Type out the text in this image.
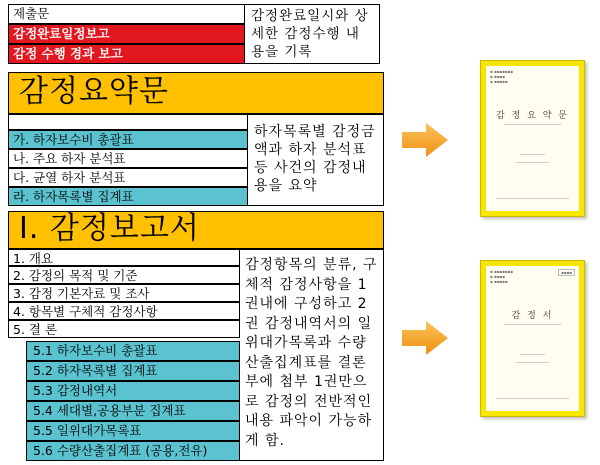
제출문
감정완료일정보고
감정 수행 경과 보고
감정완료일시와 상세한 감정수행 내용을 기록
감정요약문
가. 하자보수비 총괄표
나. 주요 하자 분석표
다. 균열 하자 분석표
라. 하자목록별 집계표
하자목록별 감정금액과 하자 분석표등 사건의 감정내용을 요약
Ⅰ. 감정보고서
1. 개요
2. 감정의 목적 및 기준
3. 감정 기본자료 및 조사
4. 항목별 구체적 감정사항
5. 결 론
5.1 하자보수비 총괄표
5.2 하자목록별 집계표
5.3 감정내역서
5.4 세대별,공용부분 집계표
5.5 일위대가목록표
5.6 수량산출집계표 (공용,전유)
감정항목의 분류, 구체적 감정사항을 1권내에 구성하고 2권 감정내역서의 일위대가목록과 수량산출집계표를 결론부에 첨부 1권만으로 감정의 전반적인 내용 파악이 가능하게 함.
▪ ▪▪▪▪▪▪▪
▪ ▪▪▪▪
▪ ▪▪▪▪▪
감 정 요 약 문
▪ ▪▪▪▪▪▪▪
▪ ▪▪▪▪
▪ ▪▪▪▪▪
▪▪▪▪
감 정 서
